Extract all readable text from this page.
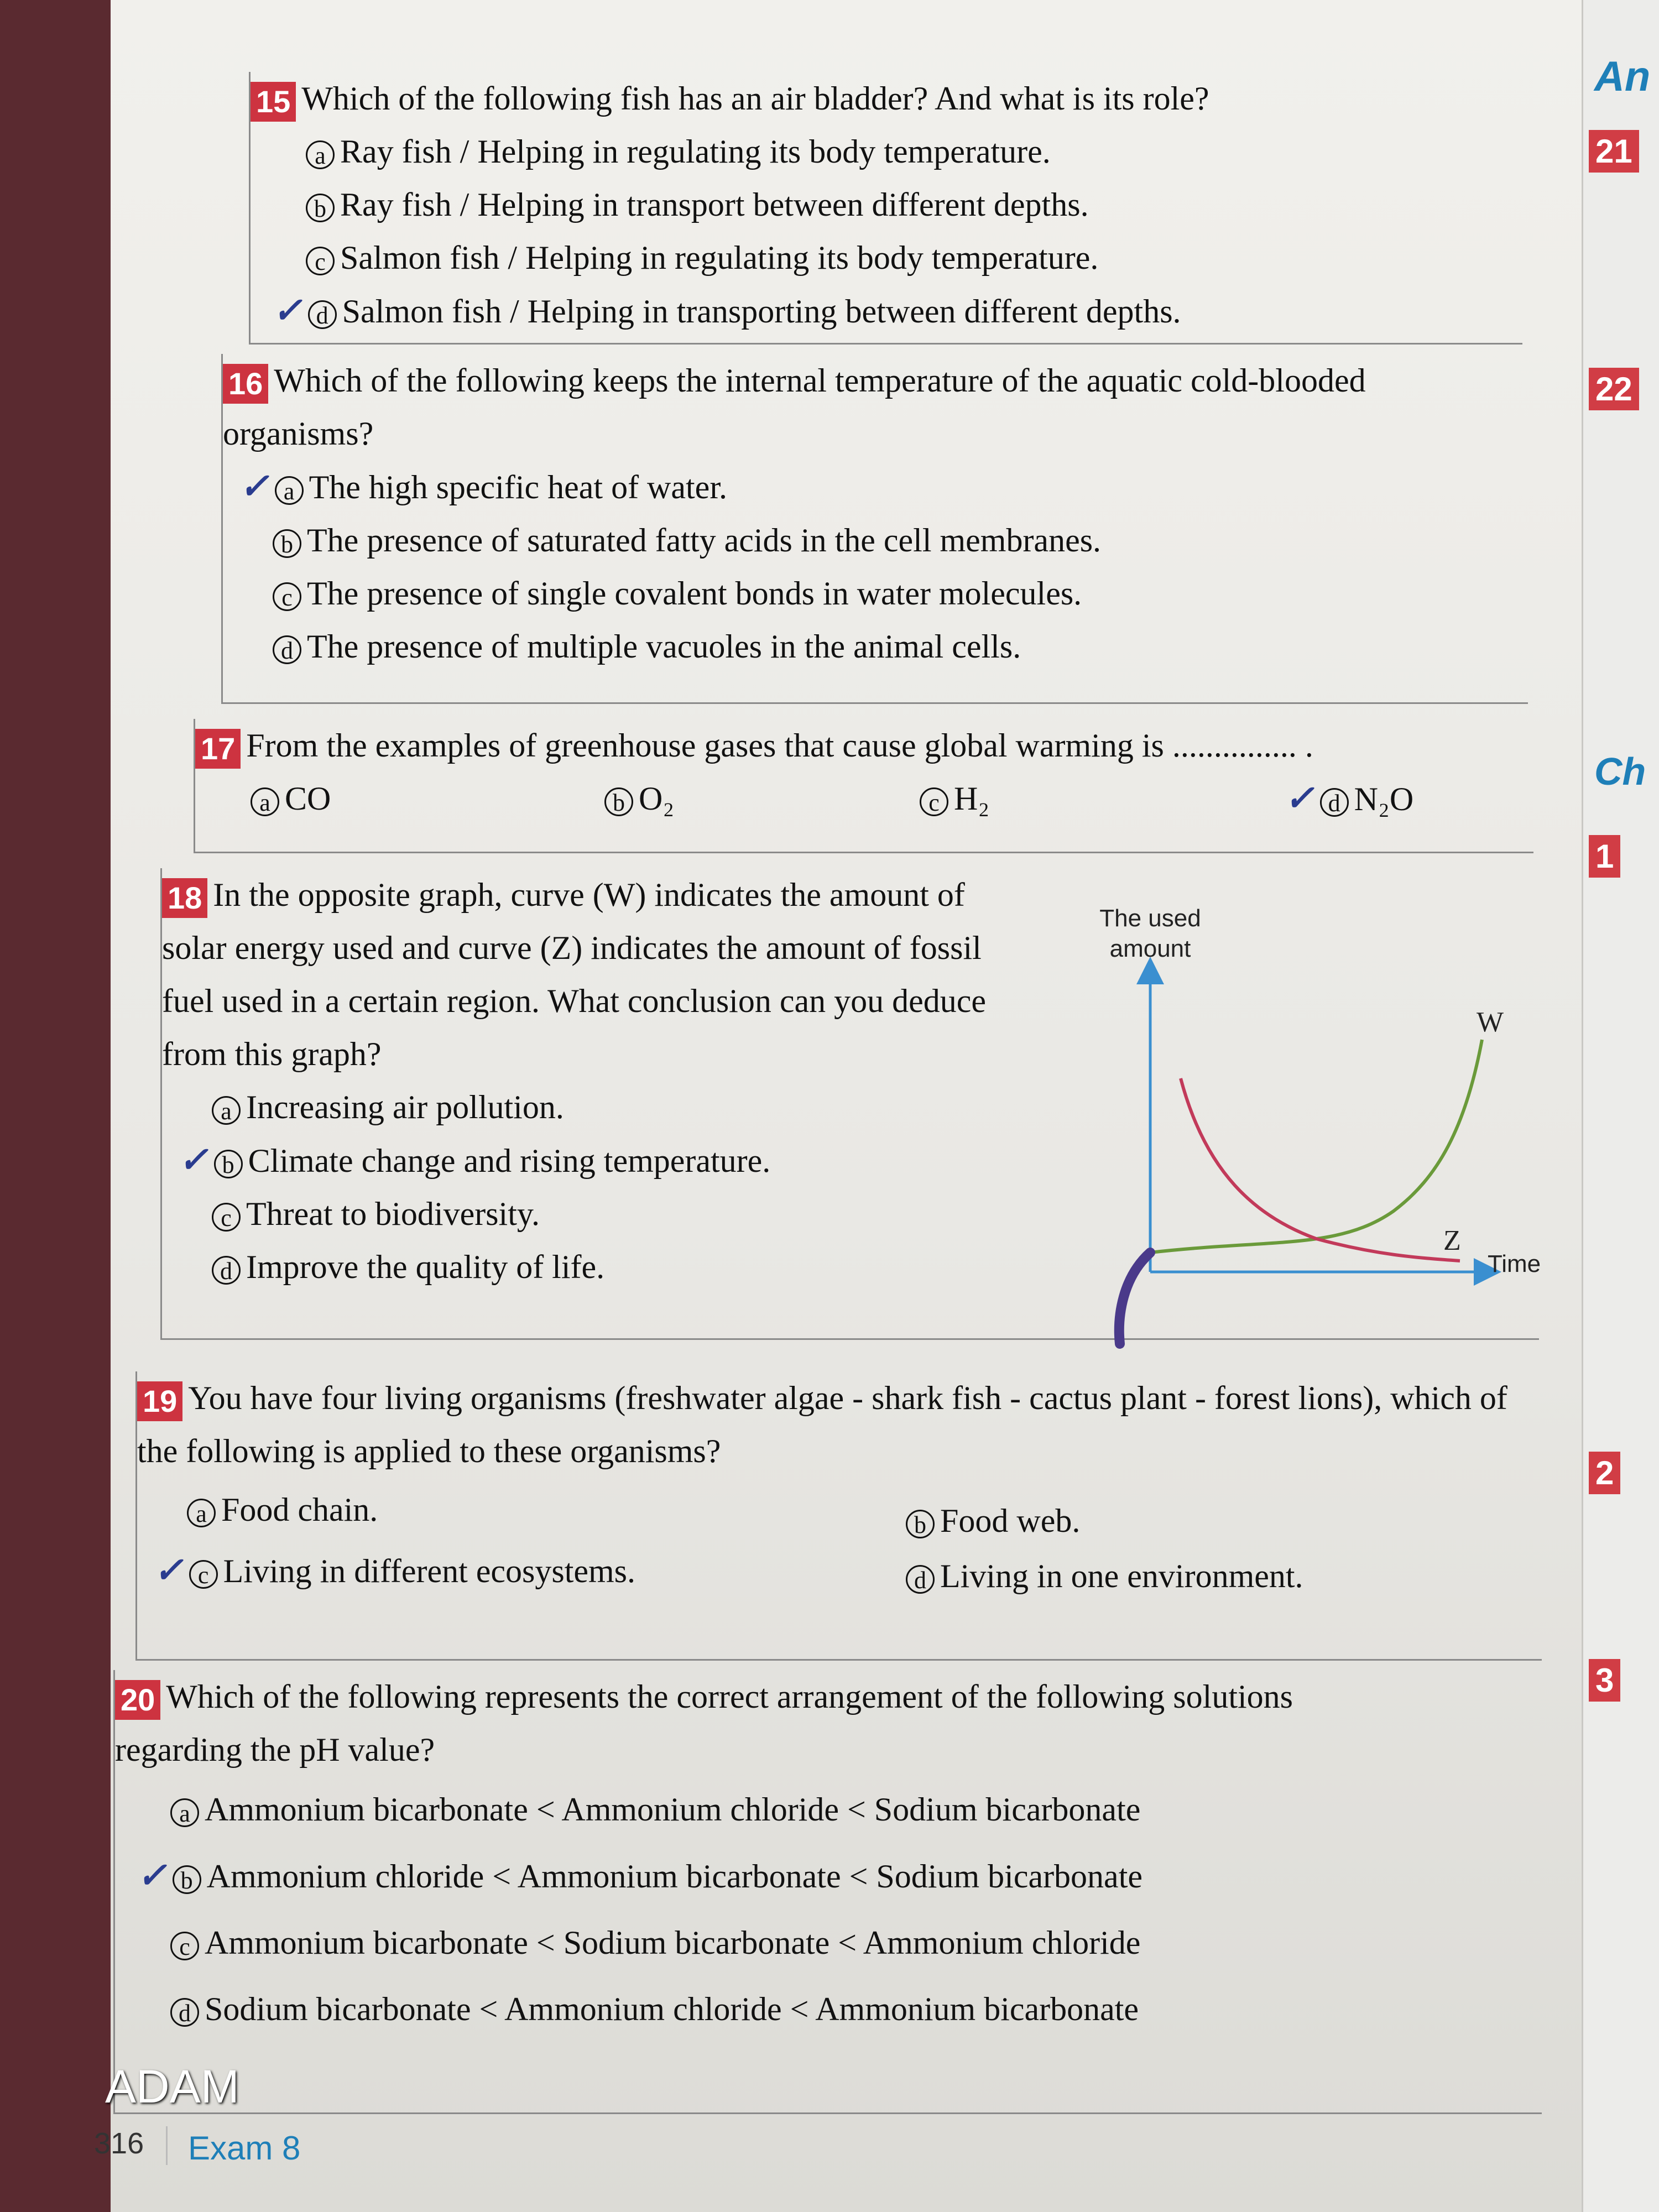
An
21
22
Ch
1
2
3
15 Which of the following fish has an air bladder? And what is its role?
a Ray fish / Helping in regulating its body temperature.
b Ray fish / Helping in transport between different depths.
c Salmon fish / Helping in regulating its body temperature.
✓ d Salmon fish / Helping in transporting between different depths.
16 Which of the following keeps the internal temperature of the aquatic cold-blooded organisms?
✓ a The high specific heat of water.
b The presence of saturated fatty acids in the cell membranes.
c The presence of single covalent bonds in water molecules.
d The presence of multiple vacuoles in the animal cells.
17 From the examples of greenhouse gases that cause global warming is ............... .
a CO	b O₂	c H₂	✓ d N₂O
18 In the opposite graph, curve (W) indicates the amount of solar energy used and curve (Z) indicates the amount of fossil fuel used in a certain region. What conclusion can you deduce from this graph?
a Increasing air pollution.
✓ b Climate change and rising temperature.
c Threat to biodiversity.
d Improve the quality of life.
The used
amount
Time
W
Z
19 You have four living organisms (freshwater algae - shark fish - cactus plant - forest lions), which of the following is applied to these organisms?
a Food chain.	b Food web.
✓ c Living in different ecosystems.	d Living in one environment.
20 Which of the following represents the correct arrangement of the following solutions regarding the pH value?
a Ammonium bicarbonate < Ammonium chloride < Sodium bicarbonate
✓ b Ammonium chloride < Ammonium bicarbonate < Sodium bicarbonate
c Ammonium bicarbonate < Sodium bicarbonate < Ammonium chloride
d Sodium bicarbonate < Ammonium chloride < Ammonium bicarbonate
ADAM
316 Exam 8
